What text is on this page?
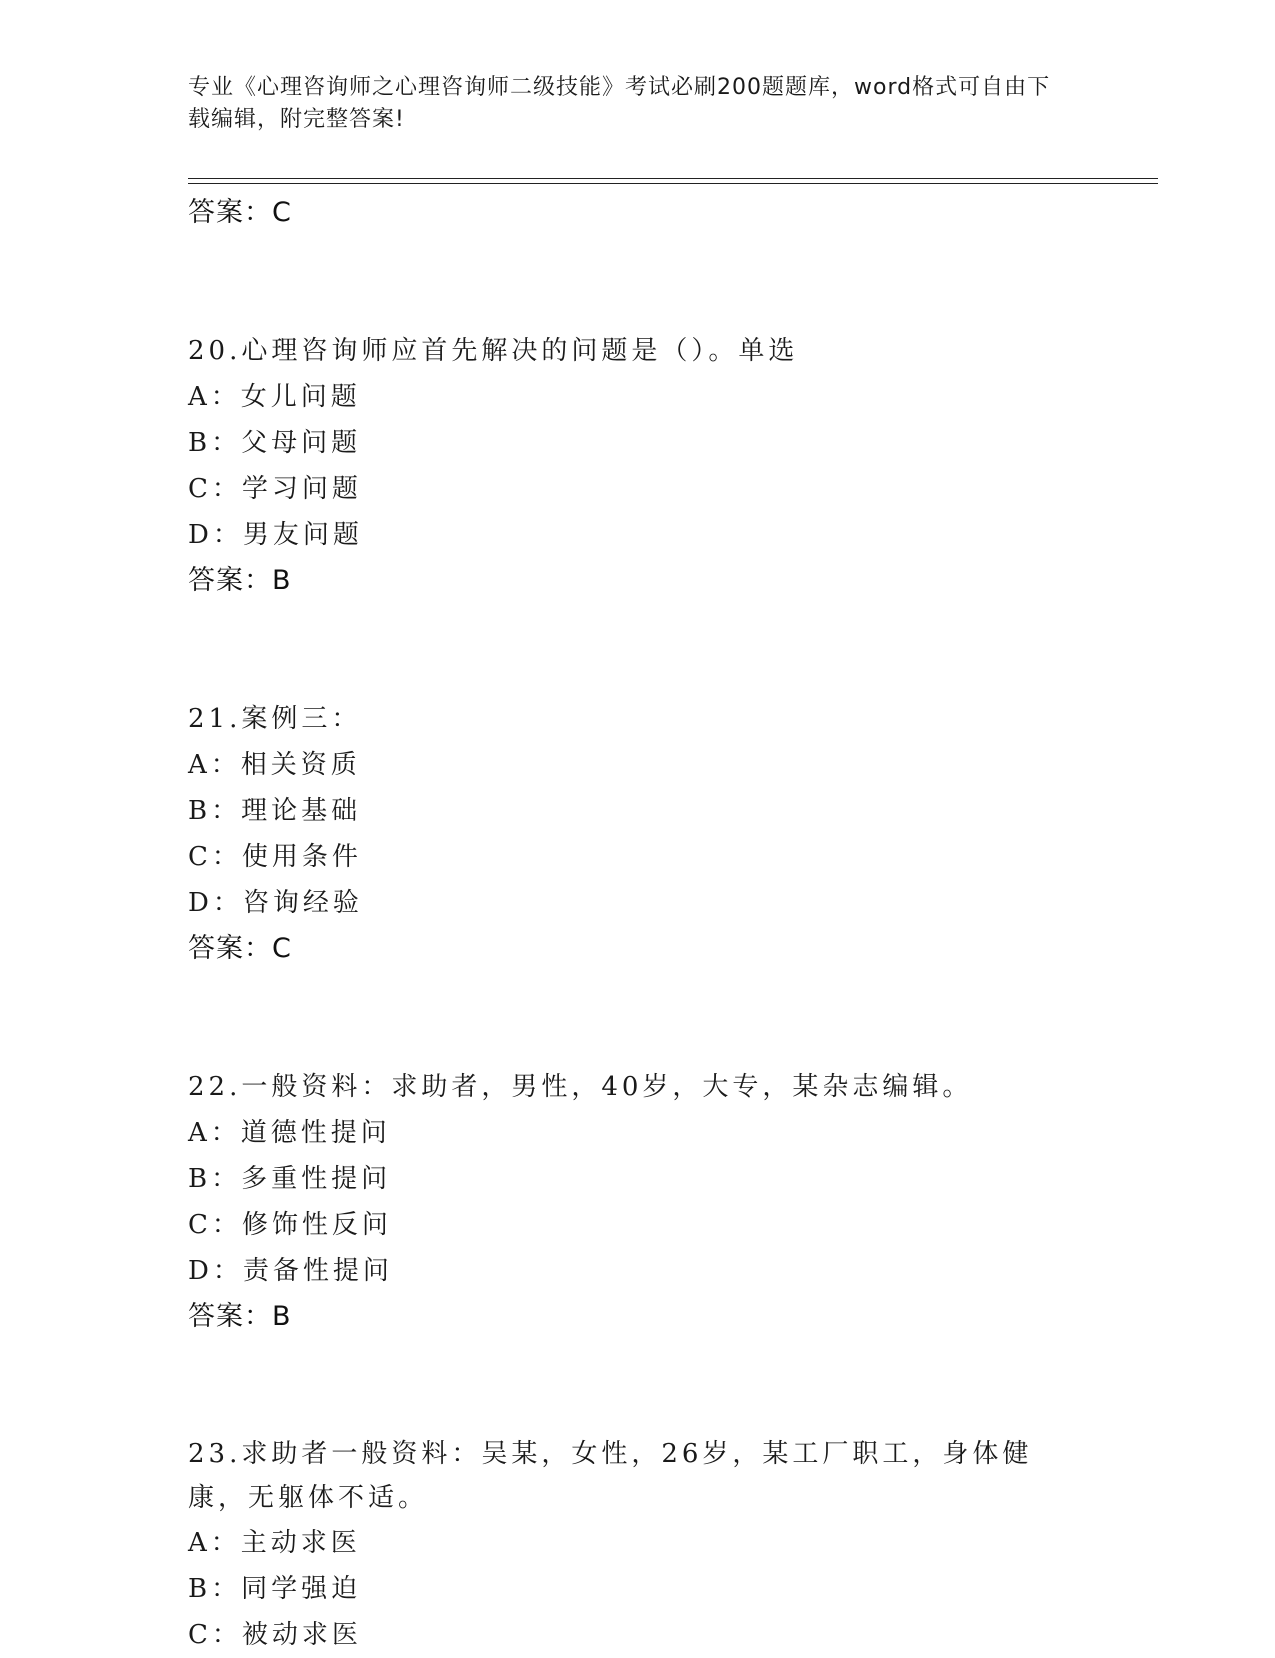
专业《心理咨询师之心理咨询师二级技能》考试必刷200题题库，word格式可自由下载编辑，附完整答案!
答案：C
20.心理咨询师应首先解决的问题是（）。单选
A：女儿问题
B：父母问题
C：学习问题
D：男友问题
答案：B
21.案例三：
A：相关资质
B：理论基础
C：使用条件
D：咨询经验
答案：C
22.一般资料：求助者，男性，40岁，大专，某杂志编辑。
A：道德性提问
B：多重性提问
C：修饰性反问
D：责备性提问
答案：B
23.求助者一般资料：吴某，女性，26岁，某工厂职工，身体健康，无躯体不适。
A：主动求医
B：同学强迫
C：被动求医
